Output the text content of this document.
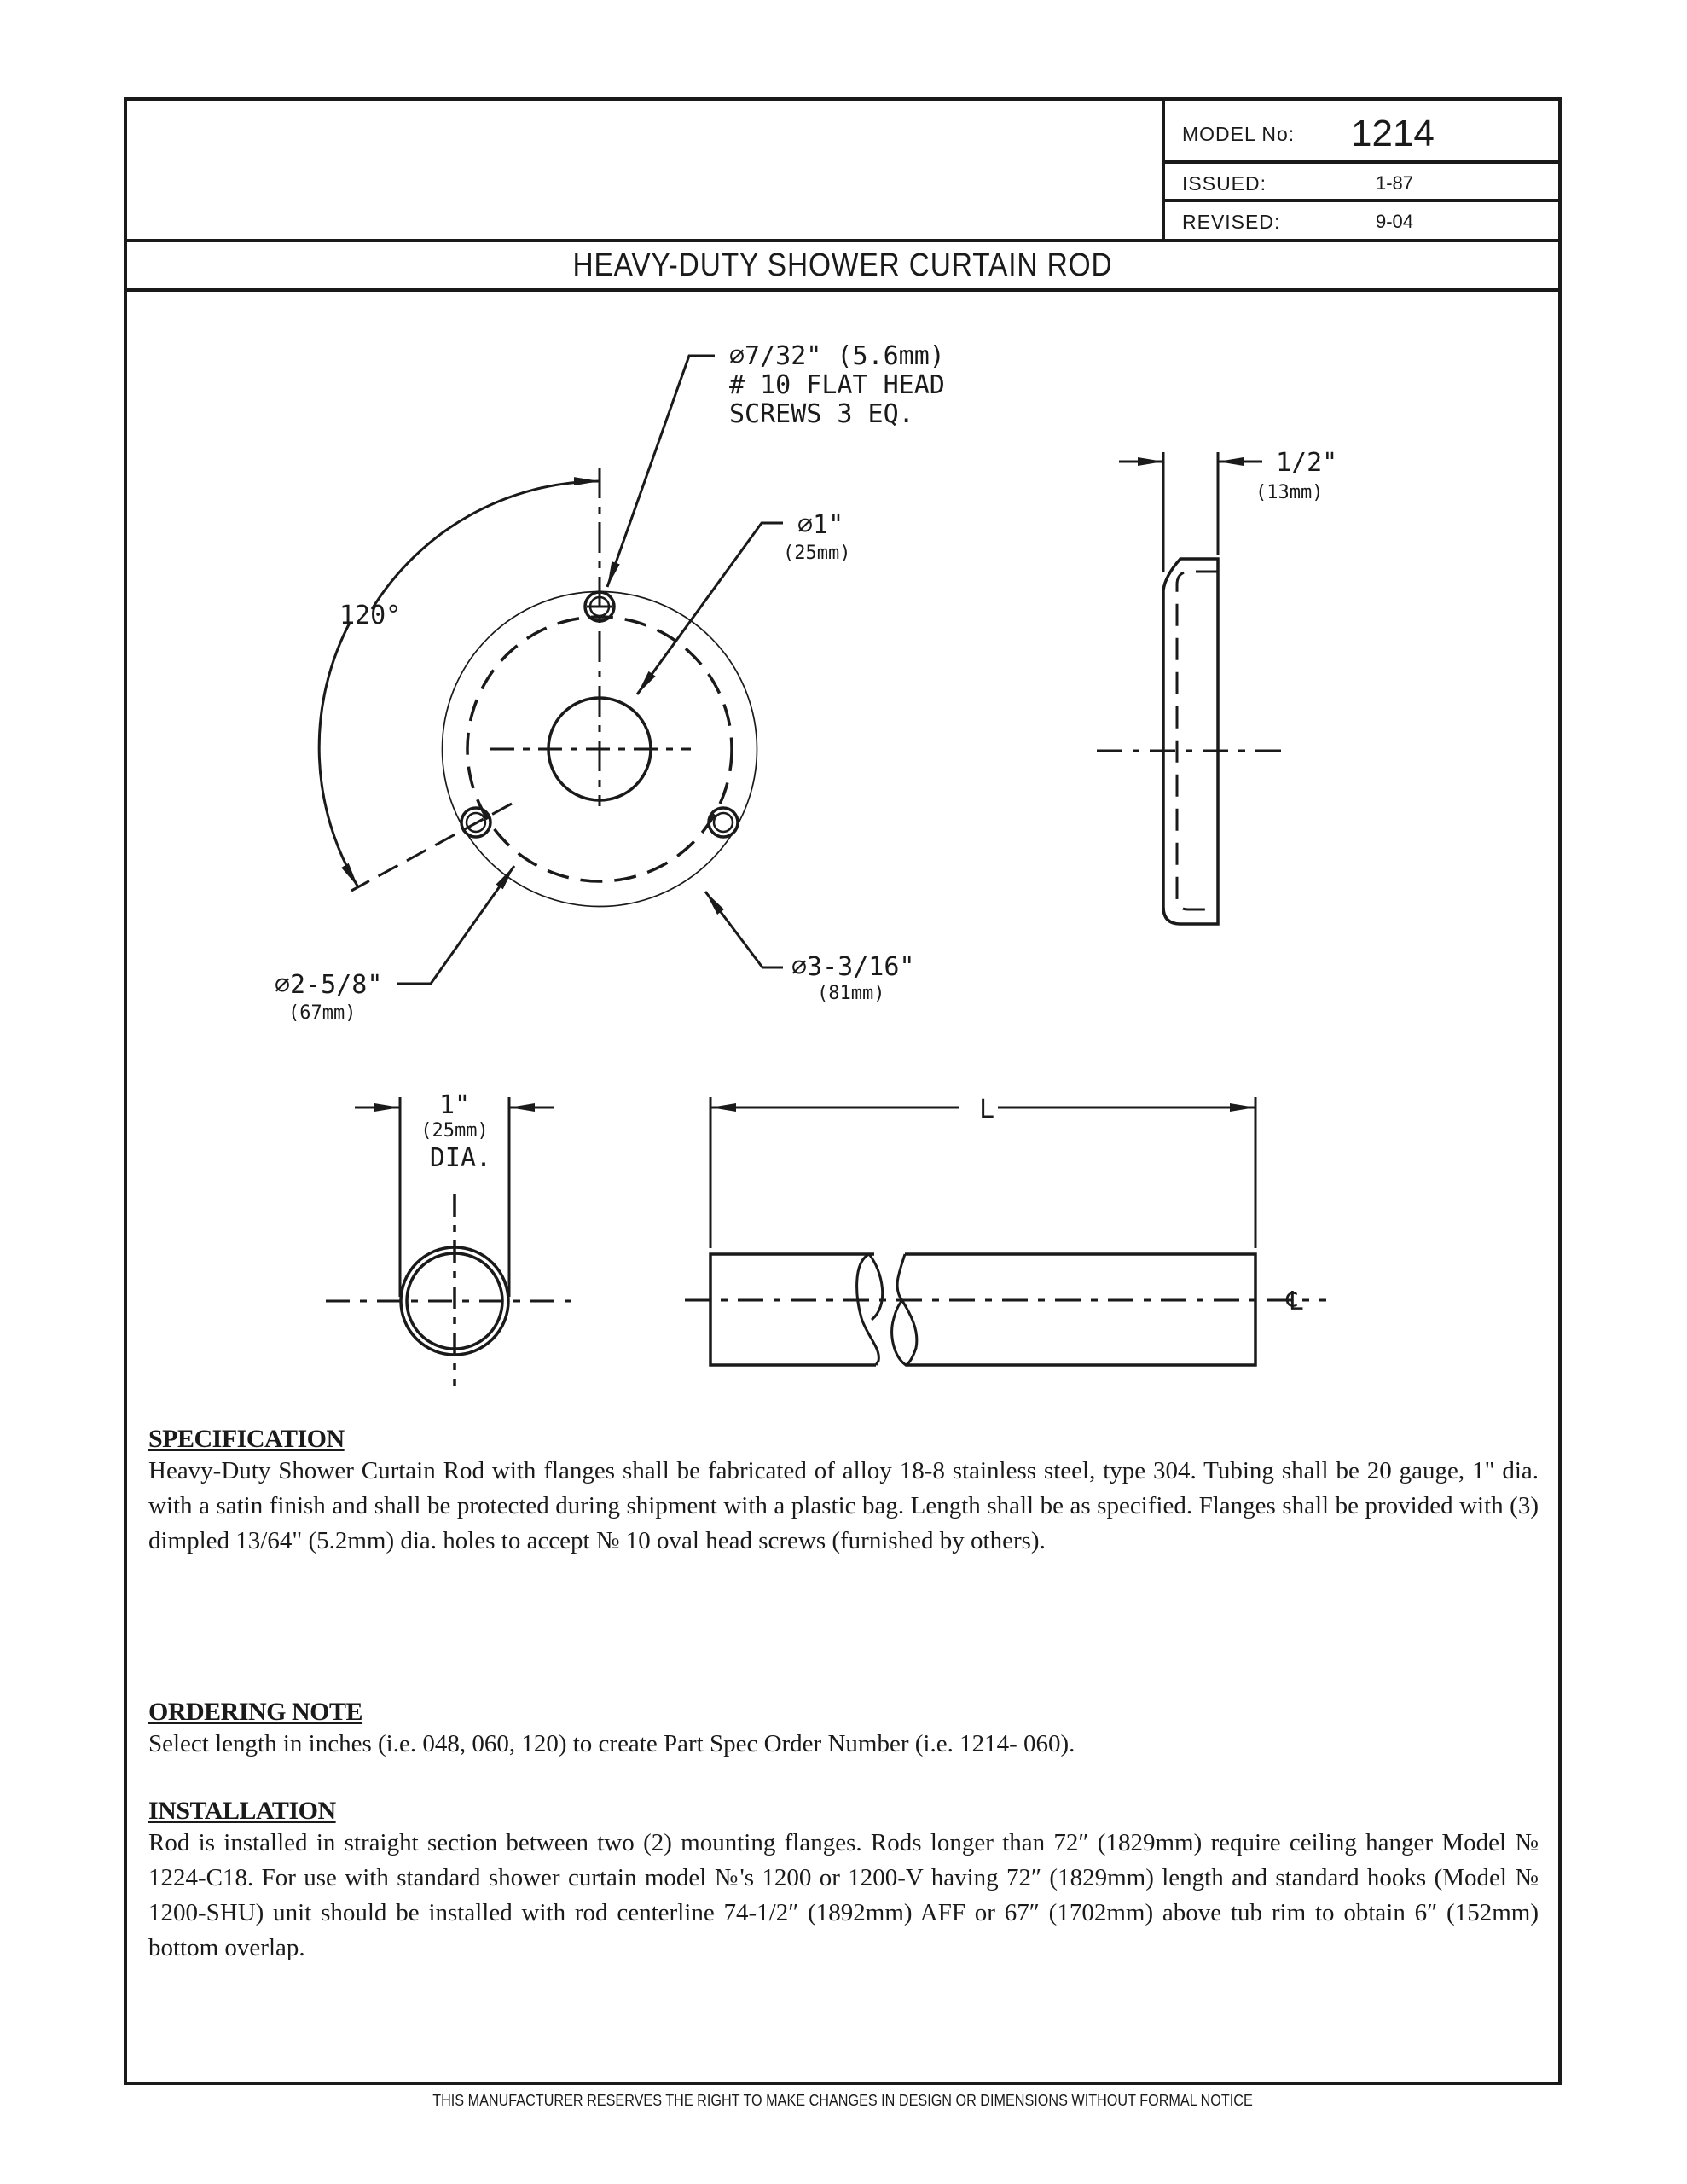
MODEL No: 1214
ISSUED:	1-87
REVISED:	9-04
HEAVY-DUTY SHOWER CURTAIN ROD
⌀7/32" (5.6mm)
# 10 FLAT HEAD
SCREWS 3 EQ.
⌀1"
(25mm)
120°
⌀2-5/8"
(67mm)
⌀3-3/16"
(81mm)
1/2"
(13mm)
1"
(25mm)
DIA.
L
℄
SPECIFICATION

Heavy-Duty Shower Curtain Rod with flanges shall be fabricated of alloy 18-8 stainless steel, type 304. Tubing shall be 20 gauge, 1" dia. with a satin finish and shall be protected during shipment with a plastic bag. Length shall be as specified. Flanges shall be provided with (3) dimpled 13/64" (5.2mm) dia. holes to accept № 10 oval head screws (furnished by others).

ORDERING NOTE

Select length in inches (i.e. 048, 060, 120) to create Part Spec Order Number (i.e. 1214- 060).

INSTALLATION

Rod is installed in straight section between two (2) mounting flanges. Rods longer than 72″ (1829mm) require ceiling hanger Model № 1224-C18. For use with standard shower curtain model №'s 1200 or 1200-V having 72″ (1829mm) length and standard hooks (Model № 1200-SHU) unit should be installed with rod centerline 74-1/2″ (1892mm) AFF or 67″ (1702mm) above tub rim to obtain 6″ (152mm) bottom overlap.

THIS MANUFACTURER RESERVES THE RIGHT TO MAKE CHANGES IN DESIGN OR DIMENSIONS WITHOUT FORMAL NOTICE
